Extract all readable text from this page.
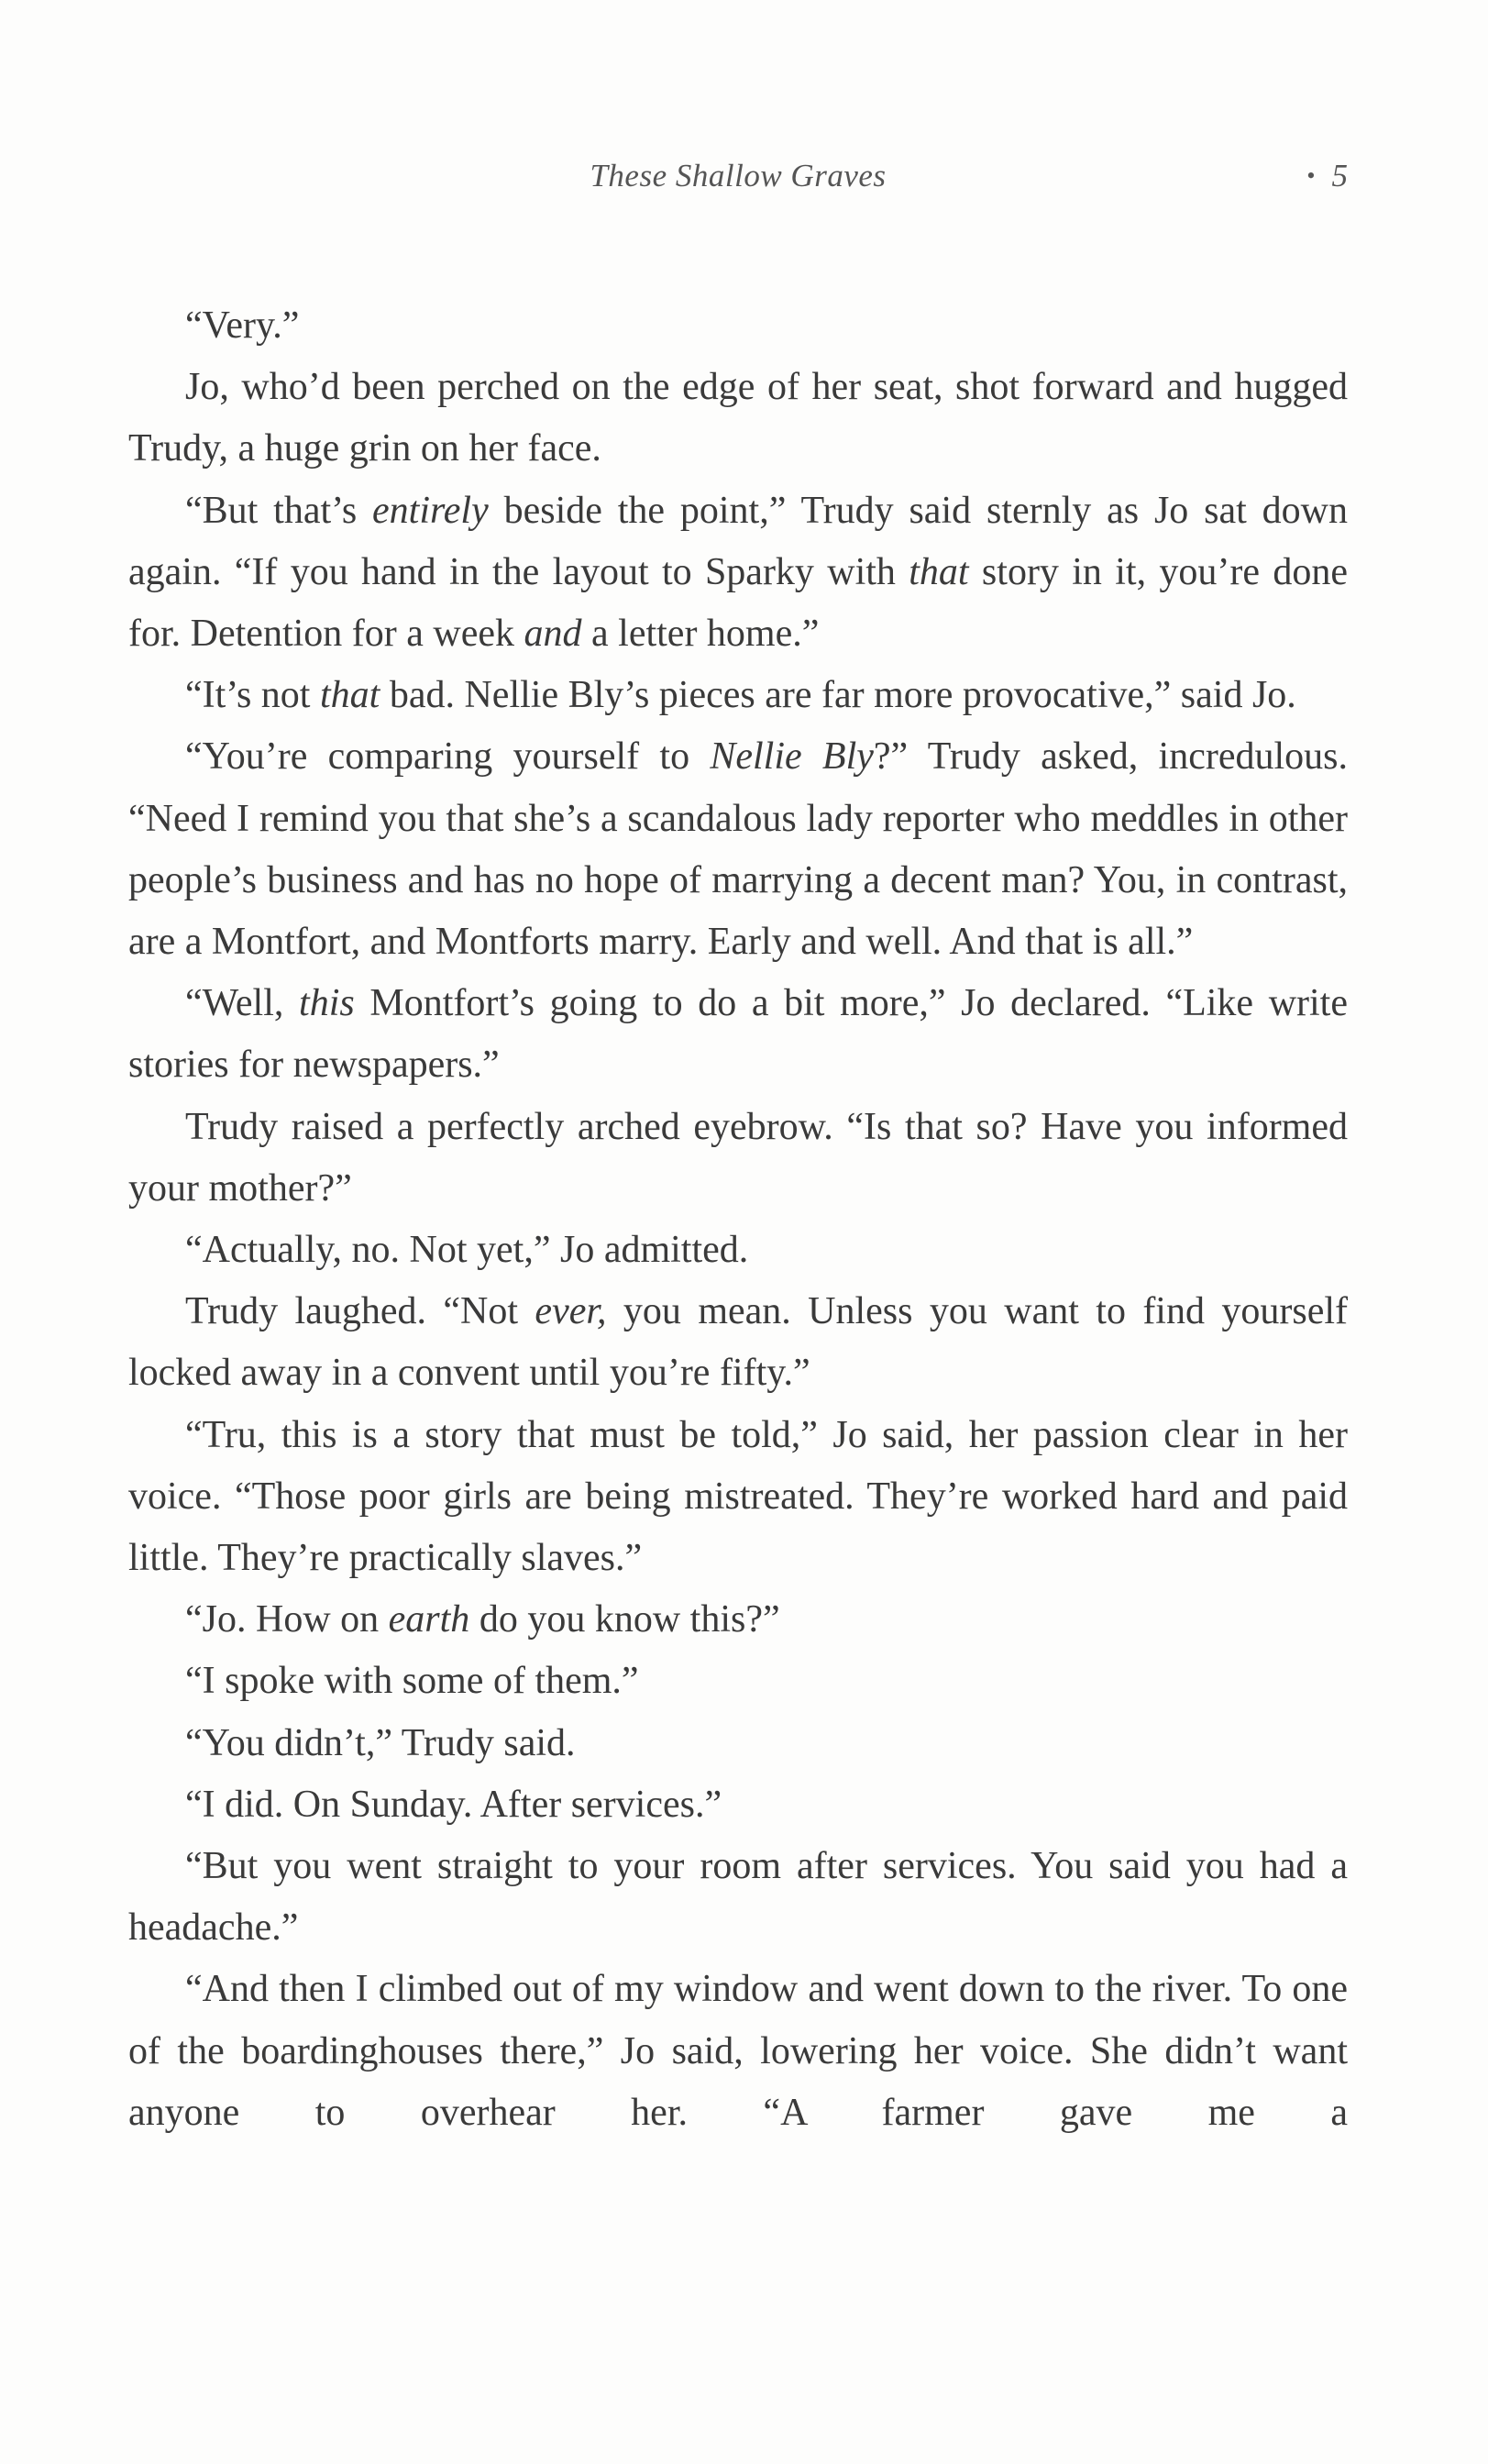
These Shallow Graves	• 5

“Very.”

Jo, who’d been perched on the edge of her seat, shot forward and hugged Trudy, a huge grin on her face.

“But that’s entirely beside the point,” Trudy said sternly as Jo sat down again. “If you hand in the layout to Sparky with that story in it, you’re done for. Detention for a week and a letter home.”

“It’s not that bad. Nellie Bly’s pieces are far more provocative,” said Jo.

“You’re comparing yourself to Nellie Bly?” Trudy asked, incredulous. “Need I remind you that she’s a scandalous lady reporter who meddles in other people’s business and has no hope of marrying a decent man? You, in contrast, are a Montfort, and Montforts marry. Early and well. And that is all.”

“Well, this Montfort’s going to do a bit more,” Jo declared. “Like write stories for newspapers.”

Trudy raised a perfectly arched eyebrow. “Is that so? Have you informed your mother?”

“Actually, no. Not yet,” Jo admitted.

Trudy laughed. “Not ever, you mean. Unless you want to find yourself locked away in a convent until you’re fifty.”

“Tru, this is a story that must be told,” Jo said, her passion clear in her voice. “Those poor girls are being mistreated. They’re worked hard and paid little. They’re practically slaves.”

“Jo. How on earth do you know this?”

“I spoke with some of them.”

“You didn’t,” Trudy said.

“I did. On Sunday. After services.”

“But you went straight to your room after services. You said you had a headache.”

“And then I climbed out of my window and went down to the river. To one of the boardinghouses there,” Jo said, lowering her voice. She didn’t want anyone to overhear her. “A farmer gave me a
